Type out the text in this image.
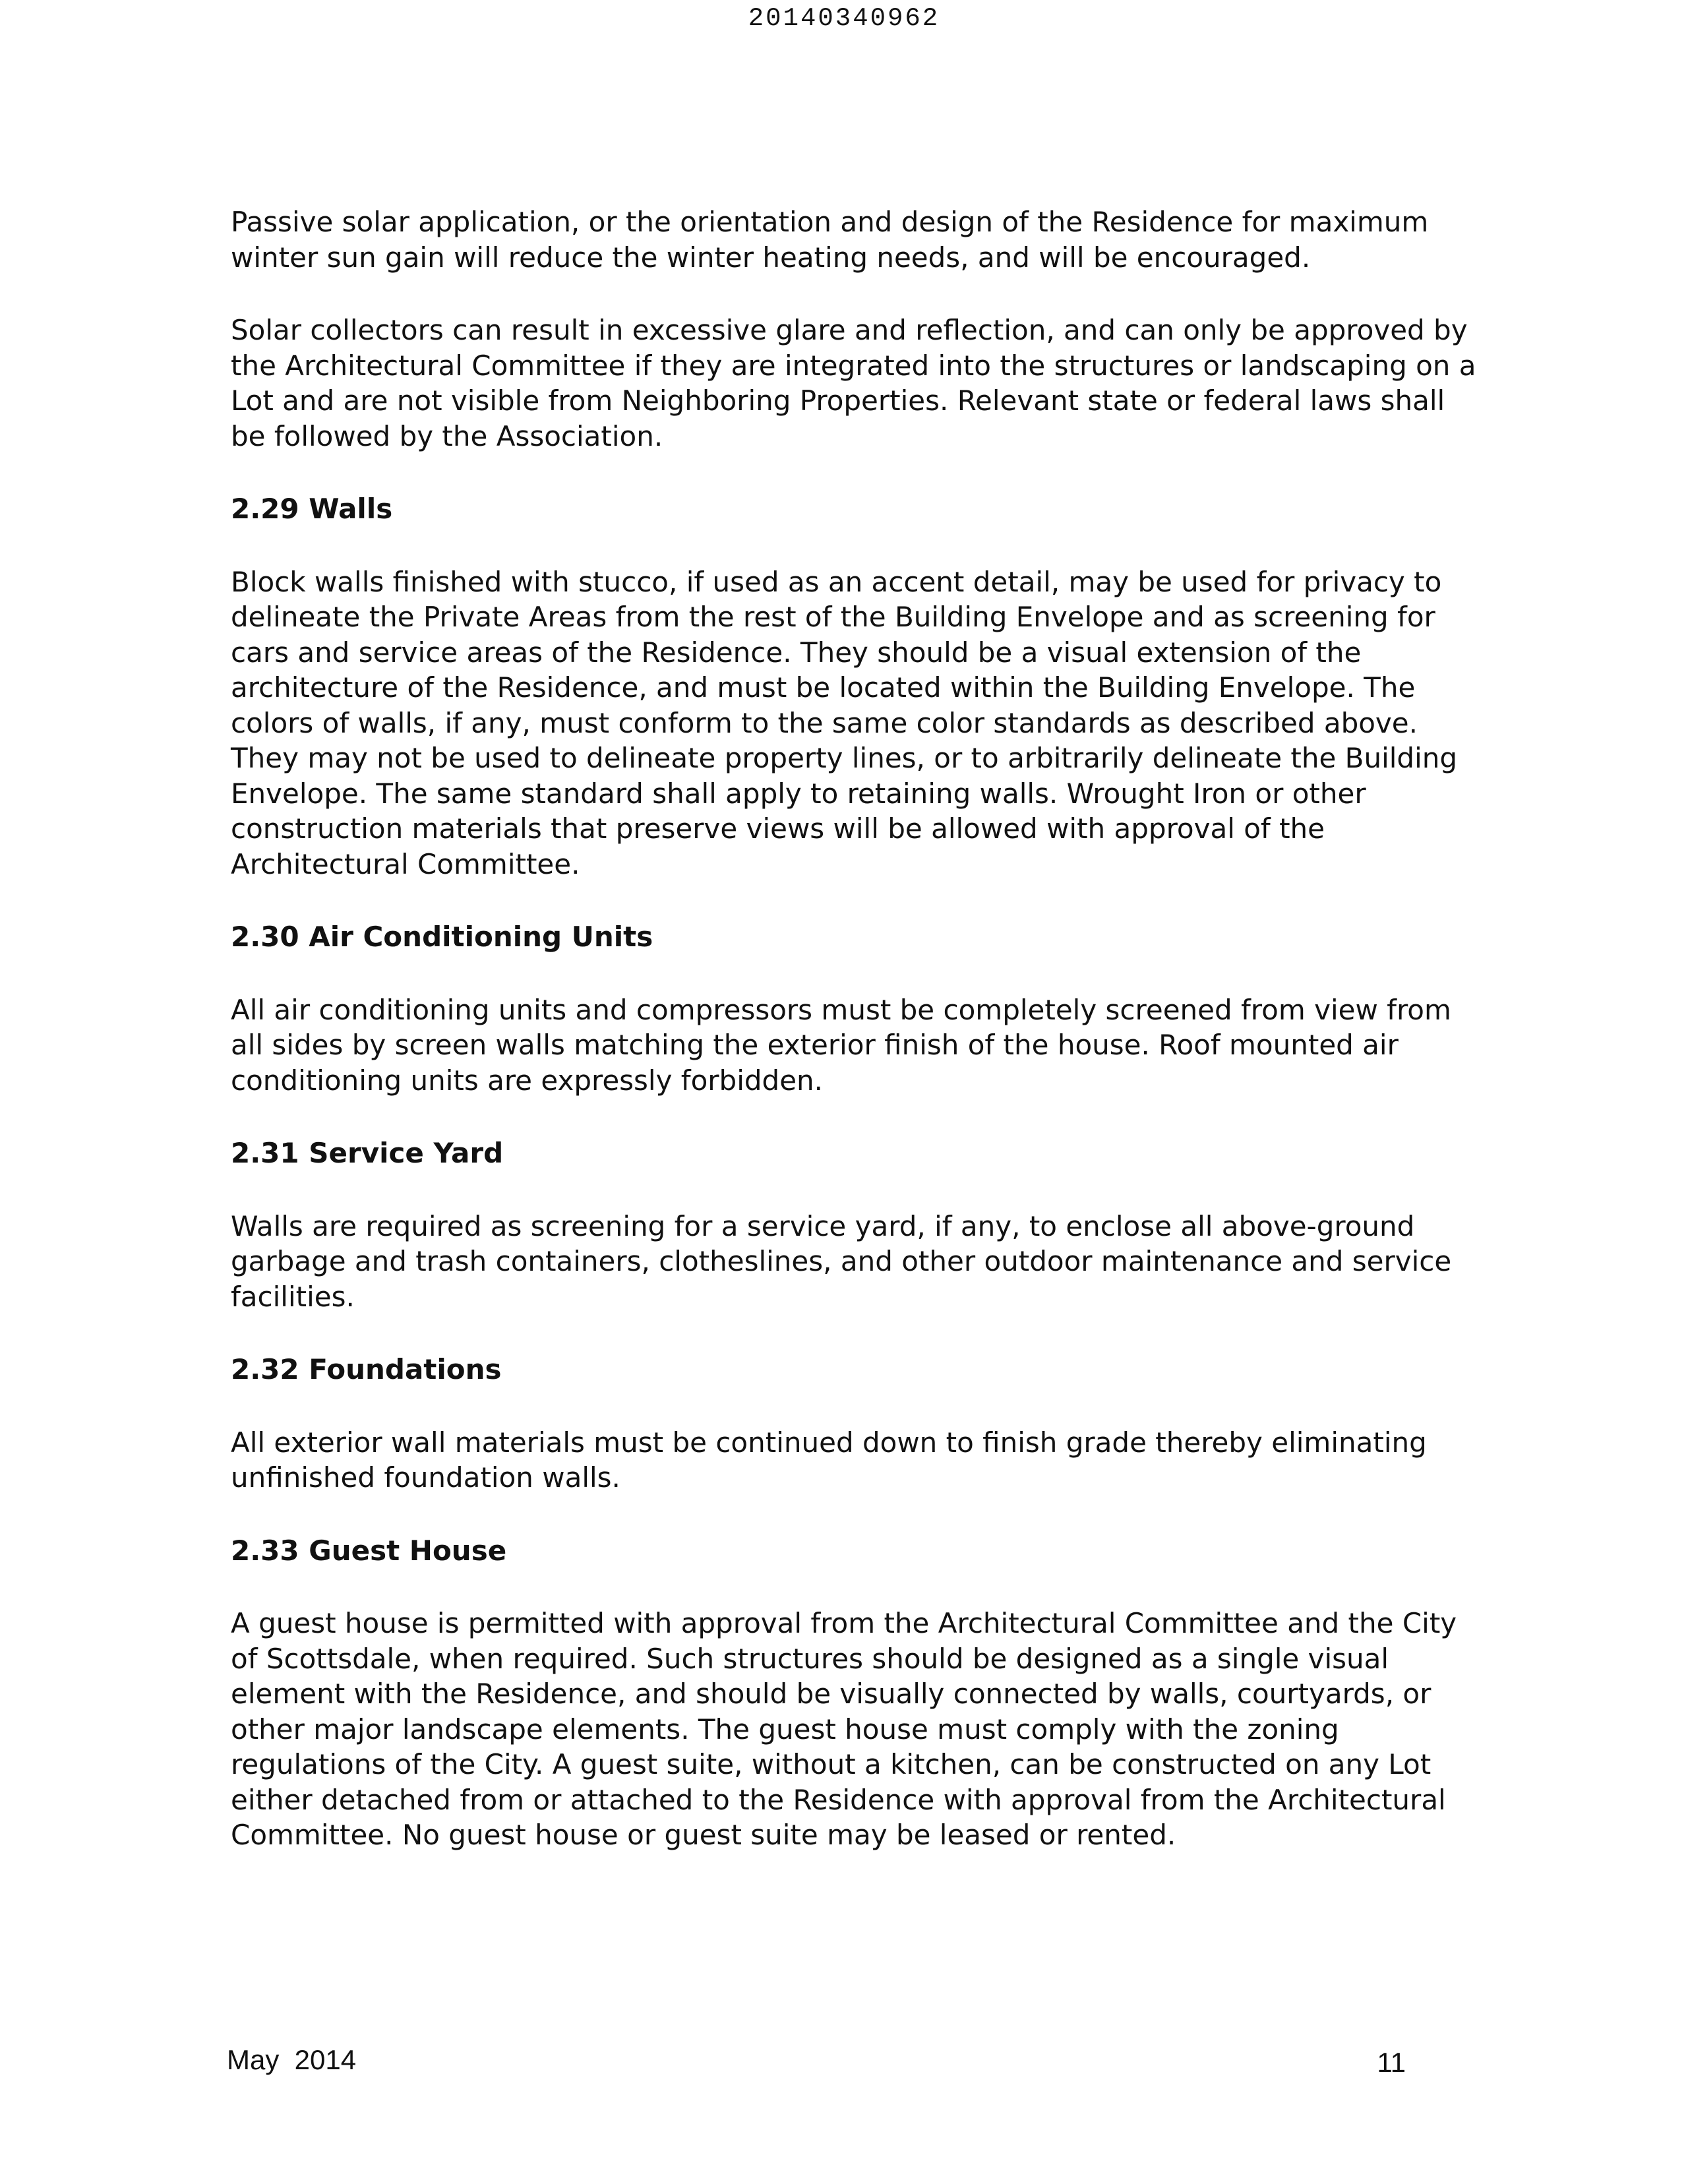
20140340962

Passive solar application, or the orientation and design of the Residence for maximum winter sun gain will reduce the winter heating needs, and will be encouraged.

Solar collectors can result in excessive glare and reflection, and can only be approved by the Architectural Committee if they are integrated into the structures or landscaping on a Lot and are not visible from Neighboring Properties. Relevant state or federal laws shall be followed by the Association.

2.29 Walls

Block walls finished with stucco, if used as an accent detail, may be used for privacy to delineate the Private Areas from the rest of the Building Envelope and as screening for cars and service areas of the Residence. They should be a visual extension of the architecture of the Residence, and must be located within the Building Envelope. The colors of walls, if any, must conform to the same color standards as described above. They may not be used to delineate property lines, or to arbitrarily delineate the Building Envelope. The same standard shall apply to retaining walls. Wrought Iron or other construction materials that preserve views will be allowed with approval of the Architectural Committee.

2.30 Air Conditioning Units

All air conditioning units and compressors must be completely screened from view from all sides by screen walls matching the exterior finish of the house. Roof mounted air conditioning units are expressly forbidden.

2.31 Service Yard

Walls are required as screening for a service yard, if any, to enclose all above-ground garbage and trash containers, clotheslines, and other outdoor maintenance and service facilities.

2.32 Foundations

All exterior wall materials must be continued down to finish grade thereby eliminating unfinished foundation walls.

2.33 Guest House

A guest house is permitted with approval from the Architectural Committee and the City of Scottsdale, when required. Such structures should be designed as a single visual element with the Residence, and should be visually connected by walls, courtyards, or other major landscape elements. The guest house must comply with the zoning regulations of the City. A guest suite, without a kitchen, can be constructed on any Lot either detached from or attached to the Residence with approval from the Architectural Committee. No guest house or guest suite may be leased or rented.

May  2014	11
